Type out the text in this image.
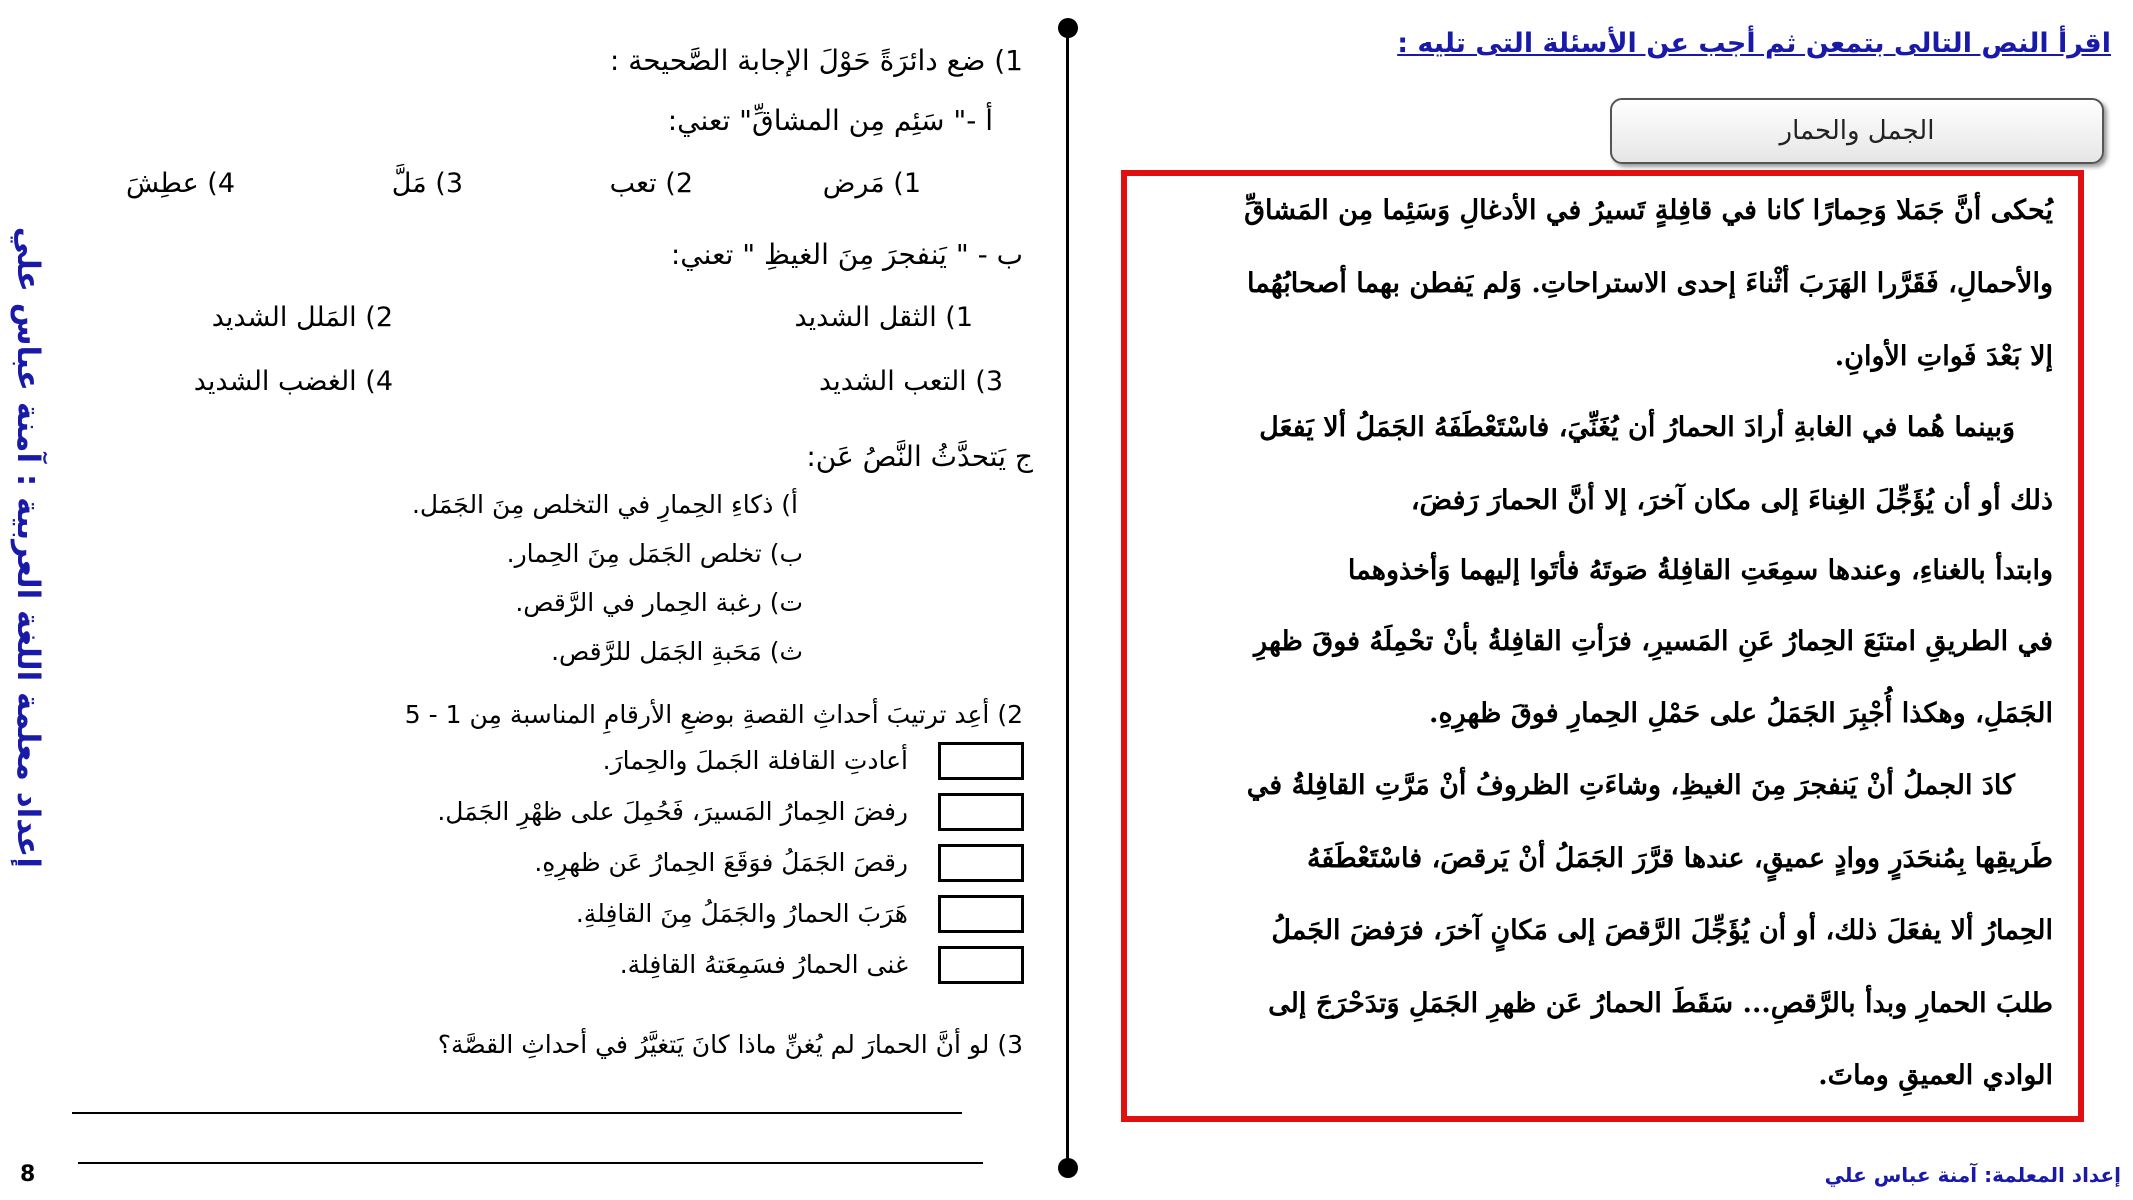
اقرأ النص التالى بتمعن ثم أجب عن الأسئلة التى تليه :
الجمل والحمار
يُحكى أنَّ جَمَلا وَحِمارًا كانا في قافِلةٍ تَسيرُ في الأدغالِ وَسَئِما مِن المَشاقِّ
والأحمالِ، فَقَرَّرا الهَرَبَ أثْناءَ إحدى الاستراحاتِ. وَلم يَفطن بهما أصحابُهُما
إلا بَعْدَ فَواتِ الأوانِ.
وَبينما هُما في الغابةِ أرادَ الحمارُ أن يُغَنِّيَ، فاسْتَعْطَفَهُ الجَمَلُ ألا يَفعَل
ذلك أو أن يُؤَجِّلَ الغِناءَ إلى مكان آخرَ، إلا أنَّ الحمارَ رَفضَ،
وابتدأ بالغناءِ، وعندها سمِعَتِ القافِلةُ صَوتَهُ فأتَوا إليهما وَأخذوهما
في الطريقِ امتنَعَ الحِمارُ عَنِ المَسيرِ، فرَأتِ القافِلةُ بأنْ تحْمِلَهُ فوقَ ظهرِ
الجَمَلِ، وهكذا أُجْبِرَ الجَمَلُ على حَمْلِ الحِمارِ فوقَ ظهرِهِ.
كادَ الجملُ أنْ يَنفجرَ مِنَ الغيظِ، وشاءَتِ الظروفُ أنْ مَرَّتِ القافِلةُ في
طَريقِها بِمُنحَدَرٍ ووادٍ عميقٍ، عندها قرَّرَ الجَمَلُ أنْ يَرقصَ، فاسْتَعْطَفَهُ
الحِمارُ ألا يفعَلَ ذلك، أو أن يُؤَجِّلَ الرَّقصَ إلى مَكانٍ آخرَ، فرَفضَ الجَملُ
طلبَ الحمارِ وبدأ بالرَّقصِ... سَقَطَ الحمارُ عَن ظهرِ الجَمَلِ وَتدَحْرَجَ إلى
الوادي العميقِ وماتَ.
إعداد المعلمة: آمنة عباس علي
1) ضع دائرَةً حَوْلَ الإجابة الصَّحيحة :
أ -" سَئِم مِن المشاقِّ" تعني:
1) مَرض
2) تعب
3) مَلَّ
4) عطِشَ
ب - " يَنفجرَ مِنَ الغيظِ " تعني:
1) الثقل الشديد
2) المَلل الشديد
3) التعب الشديد
4) الغضب الشديد
ج يَتحدَّثُ النَّصُ عَن:
أ) ذكاءِ الحِمارِ في التخلص مِنَ الجَمَل.
ب) تخلص الجَمَل مِنَ الحِمار.
ت) رغبة الحِمار في الرَّقص.
ث) مَحَبةِ الجَمَل للرَّقص.
2) أعِد ترتيبَ أحداثِ القصةِ بوضعِ الأرقامِ المناسبة مِن 1 - 5
أعادتِ القافلة الجَملَ والحِمارَ.
رفضَ الحِمارُ المَسيرَ، فَحُمِلَ على ظهْرِ الجَمَل.
رقصَ الجَمَلُ فوَقَعَ الحِمارُ عَن ظهرِهِ.
هَرَبَ الحمارُ والجَمَلُ مِنَ القافِلةِ.
غنى الحمارُ فسَمِعَتهُ القافِلة.
3) لو أنَّ الحمارَ لم يُغنِّ ماذا كانَ يَتغيَّرُ في أحداثِ القصَّة؟
إعداد معلمة اللغة العربية : آمنة عباس علي
8
